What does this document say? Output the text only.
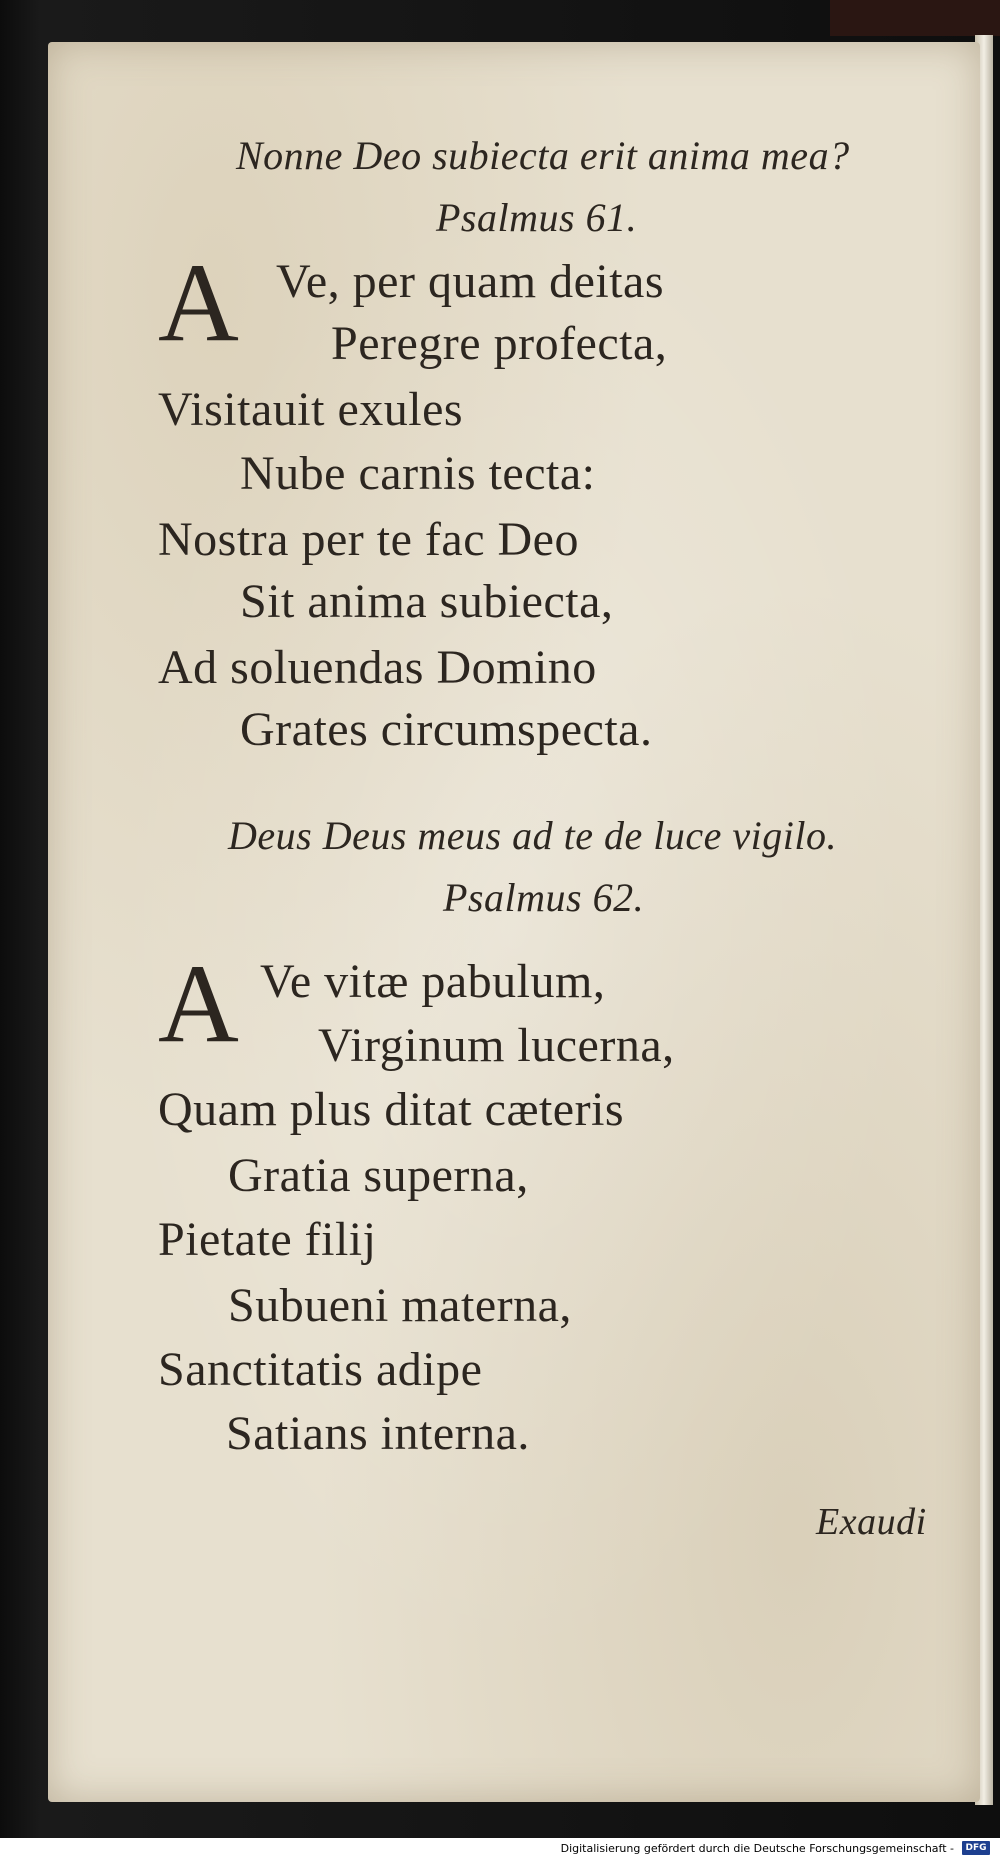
Nonne Deo subiecta erit anima mea?
Psalmus 61.
A Ve, per quam deitas
Peregre profecta,
Visitauit exules
Nube carnis tecta:
Nostra per te fac Deo
Sit anima subiecta,
Ad soluendas Domino
Grates circumspecta.
Deus Deus meus ad te de luce vigilo.
Psalmus 62.
A Ve vitæ pabulum,
Virginum lucerna,
Quam plus ditat cæteris
Gratia superna,
Pietate filij
Subueni materna,
Sanctitatis adipe
Satians interna.
Exaudi
Digitalisierung gefördert durch die Deutsche Forschungsgemeinschaft -	DFG
